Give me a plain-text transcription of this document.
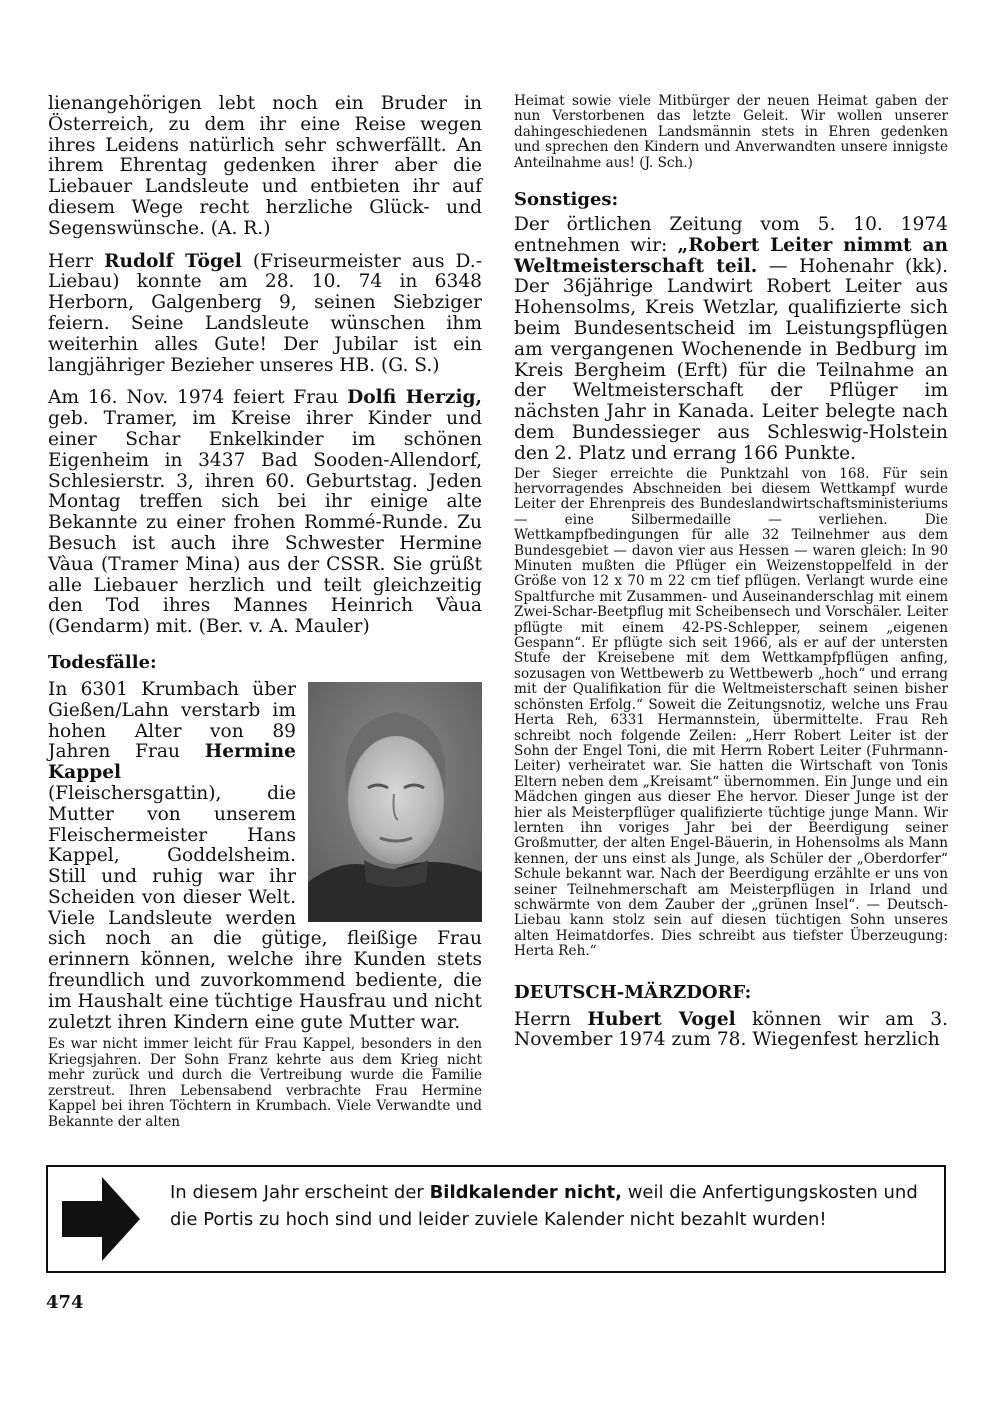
lienangehörigen lebt noch ein Bruder in Österreich, zu dem ihr eine Reise wegen ihres Leidens natürlich sehr schwerfällt. An ihrem Ehrentag gedenken ihrer aber die Liebauer Landsleute und entbieten ihr auf diesem Wege recht herzliche Glück- und Segenswünsche. (A. R.)

Herr Rudolf Tögel (Friseurmeister aus D.-Liebau) konnte am 28. 10. 74 in 6348 Herborn, Galgenberg 9, seinen Siebziger feiern. Seine Landsleute wünschen ihm weiterhin alles Gute! Der Jubilar ist ein langjähriger Bezieher unseres HB. (G. S.)

Am 16. Nov. 1974 feiert Frau Dolfi Herzig, geb. Tramer, im Kreise ihrer Kinder und einer Schar Enkelkinder im schönen Eigenheim in 3437 Bad Sooden-Allendorf, Schlesierstr. 3, ihren 60. Geburtstag. Jeden Montag treffen sich bei ihr einige alte Bekannte zu einer frohen Rommé-Runde. Zu Besuch ist auch ihre Schwester Hermine Vàua (Tramer Mina) aus der CSSR. Sie grüßt alle Liebauer herzlich und teilt gleichzeitig den Tod ihres Mannes Heinrich Vàua (Gendarm) mit. (Ber. v. A. Mauler)

Todesfälle:

In 6301 Krumbach über Gießen/Lahn verstarb im hohen Alter von 89 Jahren Frau Hermine Kappel (Fleischersgattin), die Mutter von unserem Fleischermeister Hans Kappel, Goddelsheim. Still und ruhig war ihr Scheiden von dieser Welt. Viele Landsleute werden sich noch an die gütige, fleißige Frau erinnern können, welche ihre Kunden stets freundlich und zuvorkommend bediente, die im Haushalt eine tüchtige Hausfrau und nicht zuletzt ihren Kindern eine gute Mutter war.

Es war nicht immer leicht für Frau Kappel, besonders in den Kriegsjahren. Der Sohn Franz kehrte aus dem Krieg nicht mehr zurück und durch die Vertreibung wurde die Familie zerstreut. Ihren Lebensabend verbrachte Frau Hermine Kappel bei ihren Töchtern in Krumbach. Viele Verwandte und Bekannte der alten

Heimat sowie viele Mitbürger der neuen Heimat gaben der nun Verstorbenen das letzte Geleit. Wir wollen unserer dahingeschiedenen Landsmännin stets in Ehren gedenken und sprechen den Kindern und Anverwandten unsere innigste Anteilnahme aus! (J. Sch.)

Sonstiges:

Der örtlichen Zeitung vom 5. 10. 1974 entnehmen wir: „Robert Leiter nimmt an Weltmeisterschaft teil. — Hohenahr (kk). Der 36jährige Landwirt Robert Leiter aus Hohensolms, Kreis Wetzlar, qualifizierte sich beim Bundesentscheid im Leistungspflügen am vergangenen Wochenende in Bedburg im Kreis Bergheim (Erft) für die Teilnahme an der Weltmeisterschaft der Pflüger im nächsten Jahr in Kanada. Leiter belegte nach dem Bundessieger aus Schleswig-Holstein den 2. Platz und errang 166 Punkte.

Der Sieger erreichte die Punktzahl von 168. Für sein hervorragendes Abschneiden bei diesem Wettkampf wurde Leiter der Ehrenpreis des Bundeslandwirtschaftsministeriums — eine Silbermedaille — verliehen. Die Wettkampfbedingungen für alle 32 Teilnehmer aus dem Bundesgebiet — davon vier aus Hessen — waren gleich: In 90 Minuten mußten die Pflüger ein Weizenstoppelfeld in der Größe von 12 x 70 m 22 cm tief pflügen. Verlangt wurde eine Spaltfurche mit Zusammen- und Auseinanderschlag mit einem Zwei-Schar-Beetpflug mit Scheibensech und Vorschäler. Leiter pflügte mit einem 42-PS-Schlepper, seinem „eigenen Gespann“. Er pflügte sich seit 1966, als er auf der untersten Stufe der Kreisebene mit dem Wettkampfpflügen anfing, sozusagen von Wettbewerb zu Wettbewerb „hoch“ und errang mit der Qualifikation für die Weltmeisterschaft seinen bisher schönsten Erfolg.“ Soweit die Zeitungsnotiz, welche uns Frau Herta Reh, 6331 Hermannstein, übermittelte. Frau Reh schreibt noch folgende Zeilen: „Herr Robert Leiter ist der Sohn der Engel Toni, die mit Herrn Robert Leiter (Fuhrmann-Leiter) verheiratet war. Sie hatten die Wirtschaft von Tonis Eltern neben dem „Kreisamt“ übernommen. Ein Junge und ein Mädchen gingen aus dieser Ehe hervor. Dieser Junge ist der hier als Meisterpflüger qualifizierte tüchtige junge Mann. Wir lernten ihn voriges Jahr bei der Beerdigung seiner Großmutter, der alten Engel-Bäuerin, in Hohensolms als Mann kennen, der uns einst als Junge, als Schüler der „Oberdorfer“ Schule bekannt war. Nach der Beerdigung erzählte er uns von seiner Teilnehmerschaft am Meisterpflügen in Irland und schwärmte von dem Zauber der „grünen Insel“. — Deutsch-Liebau kann stolz sein auf diesen tüchtigen Sohn unseres alten Heimatdorfes. Dies schreibt aus tiefster Überzeugung: Herta Reh.“

DEUTSCH-MÄRZDORF:

Herrn Hubert Vogel können wir am 3. November 1974 zum 78. Wiegenfest herzlich

In diesem Jahr erscheint der Bildkalender nicht, weil die Anfertigungskosten und die Portis zu hoch sind und leider zuviele Kalender nicht bezahlt wurden!
474
